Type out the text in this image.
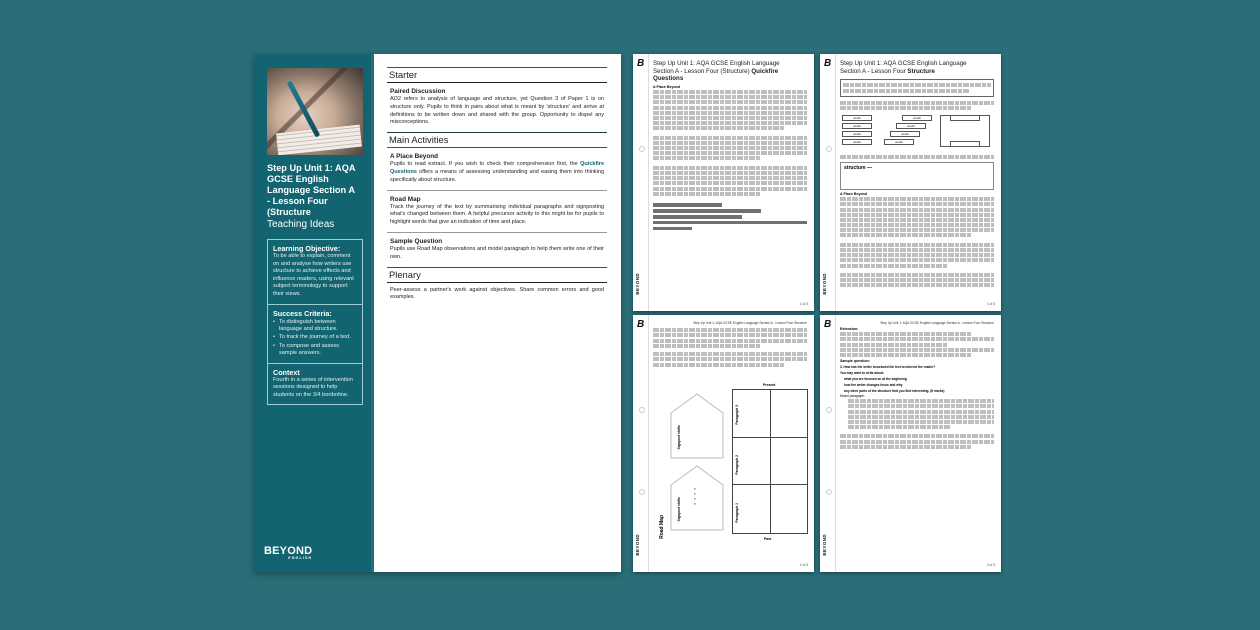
Step Up Unit 1: AQA GCSE English Language Section A - Lesson Four (Structure
Teaching Ideas
Learning Objective:
To be able to explain, comment on and analyse how writers use structure to achieve effects and influence readers, using relevant subject terminology to support their views.
Success Criteria:
• To distinguish between language and structure.
• To track the journey of a text.
• To compose and assess sample answers.
Context
Fourth in a series of intervention sessions designed to help students on the 3/4 borderline.
BEYOND
ENGLISH
Starter
Paired Discussion
AO2 refers to analysis of language and structure, yet Question 3 of Paper 1 is on structure only. Pupils to think in pairs about what is meant by 'structure' and arrive at definitions to be written down and shared with the group. Opportunity to dispel any misconceptions.
Main Activities
A Place Beyond
Pupils to read extract. If you wish to check their comprehension first, the Quickfire Questions offers a means of assessing understanding and easing them into thinking specifically about structure.
Road Map
Track the journey of the text by summarising individual paragraphs and signposting what's changed between them. A helpful precursor activity to this might be for pupils to highlight words that give an indication of time and place.
Sample Question
Pupils use Road Map observations and model paragraph to help them write one of their own.
Plenary
Peer-assess a partner's work against objectives. Share common errors and good examples.
B
BEYOND
Step Up Unit 1: AQA GCSE English Language
Section A - Lesson Four (Structure) Quickfire Questions
A Place Beyond
1 of 3
B
BEYOND
Step Up Unit 1: AQA GCSE English Language
Section A - Lesson Four Structure
words
words
words
words
words
words
words
words
structure —
A Place Beyond
1 of 3
B
BEYOND
Step Up Unit 1: AQA GCSE English Language Section A - Lesson Four Structure
Road Map
Signpost shifts
Signpost shifts
● ● ● ●
Present
Paragraph 3
Paragraph 2
Paragraph 1
Past
2 of 3
B
BEYOND
Step Up Unit 1: AQA GCSE English Language Section A - Lesson Four Structure
Extension:
Sample question:
3. How has the writer structured the text to interest the reader?
You may want to write about:
what you are focused on at the beginning
how the writer changes focus and why
any other parts of the structure that you find interesting. (8 marks)
Model paragraph:
3 of 3
